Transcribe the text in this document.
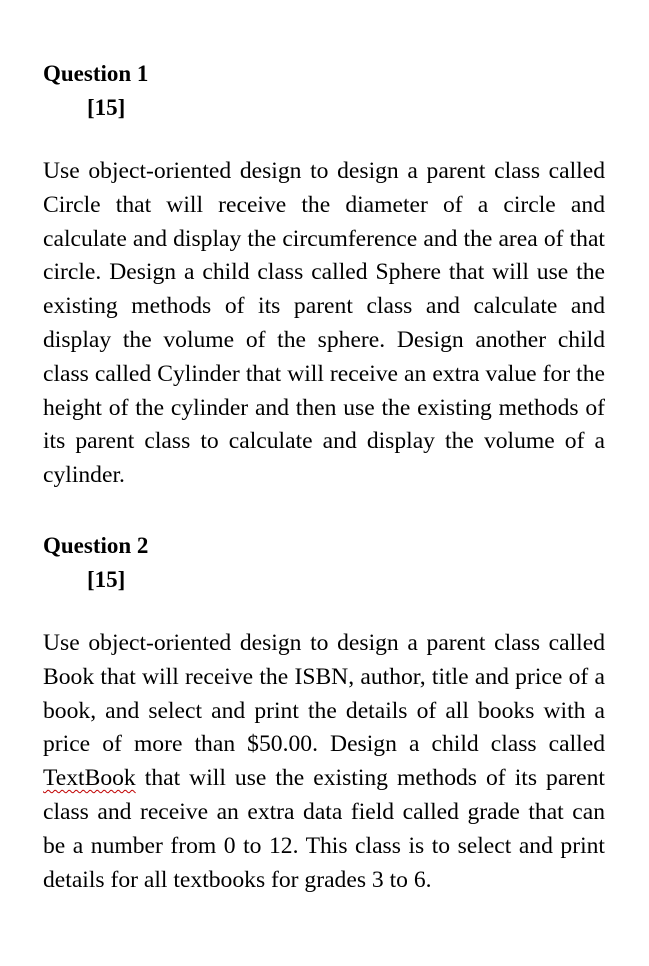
Question 1

[15]

Use object-oriented design to design a parent class called Circle that will receive the diameter of a circle and calculate and display the circumference and the area of that circle. Design a child class called Sphere that will use the existing methods of its parent class and calculate and display the volume of the sphere. Design another child class called Cylinder that will receive an extra value for the height of the cylinder and then use the existing methods of its parent class to calculate and display the volume of a cylinder.

Question 2

[15]

Use object-oriented design to design a parent class called Book that will receive the ISBN, author, title and price of a book, and select and print the details of all books with a price of more than $50.00. Design a child class called TextBook that will use the existing methods of its parent class and receive an extra data field called grade that can be a number from 0 to 12. This class is to select and print details for all textbooks for grades 3 to 6.
